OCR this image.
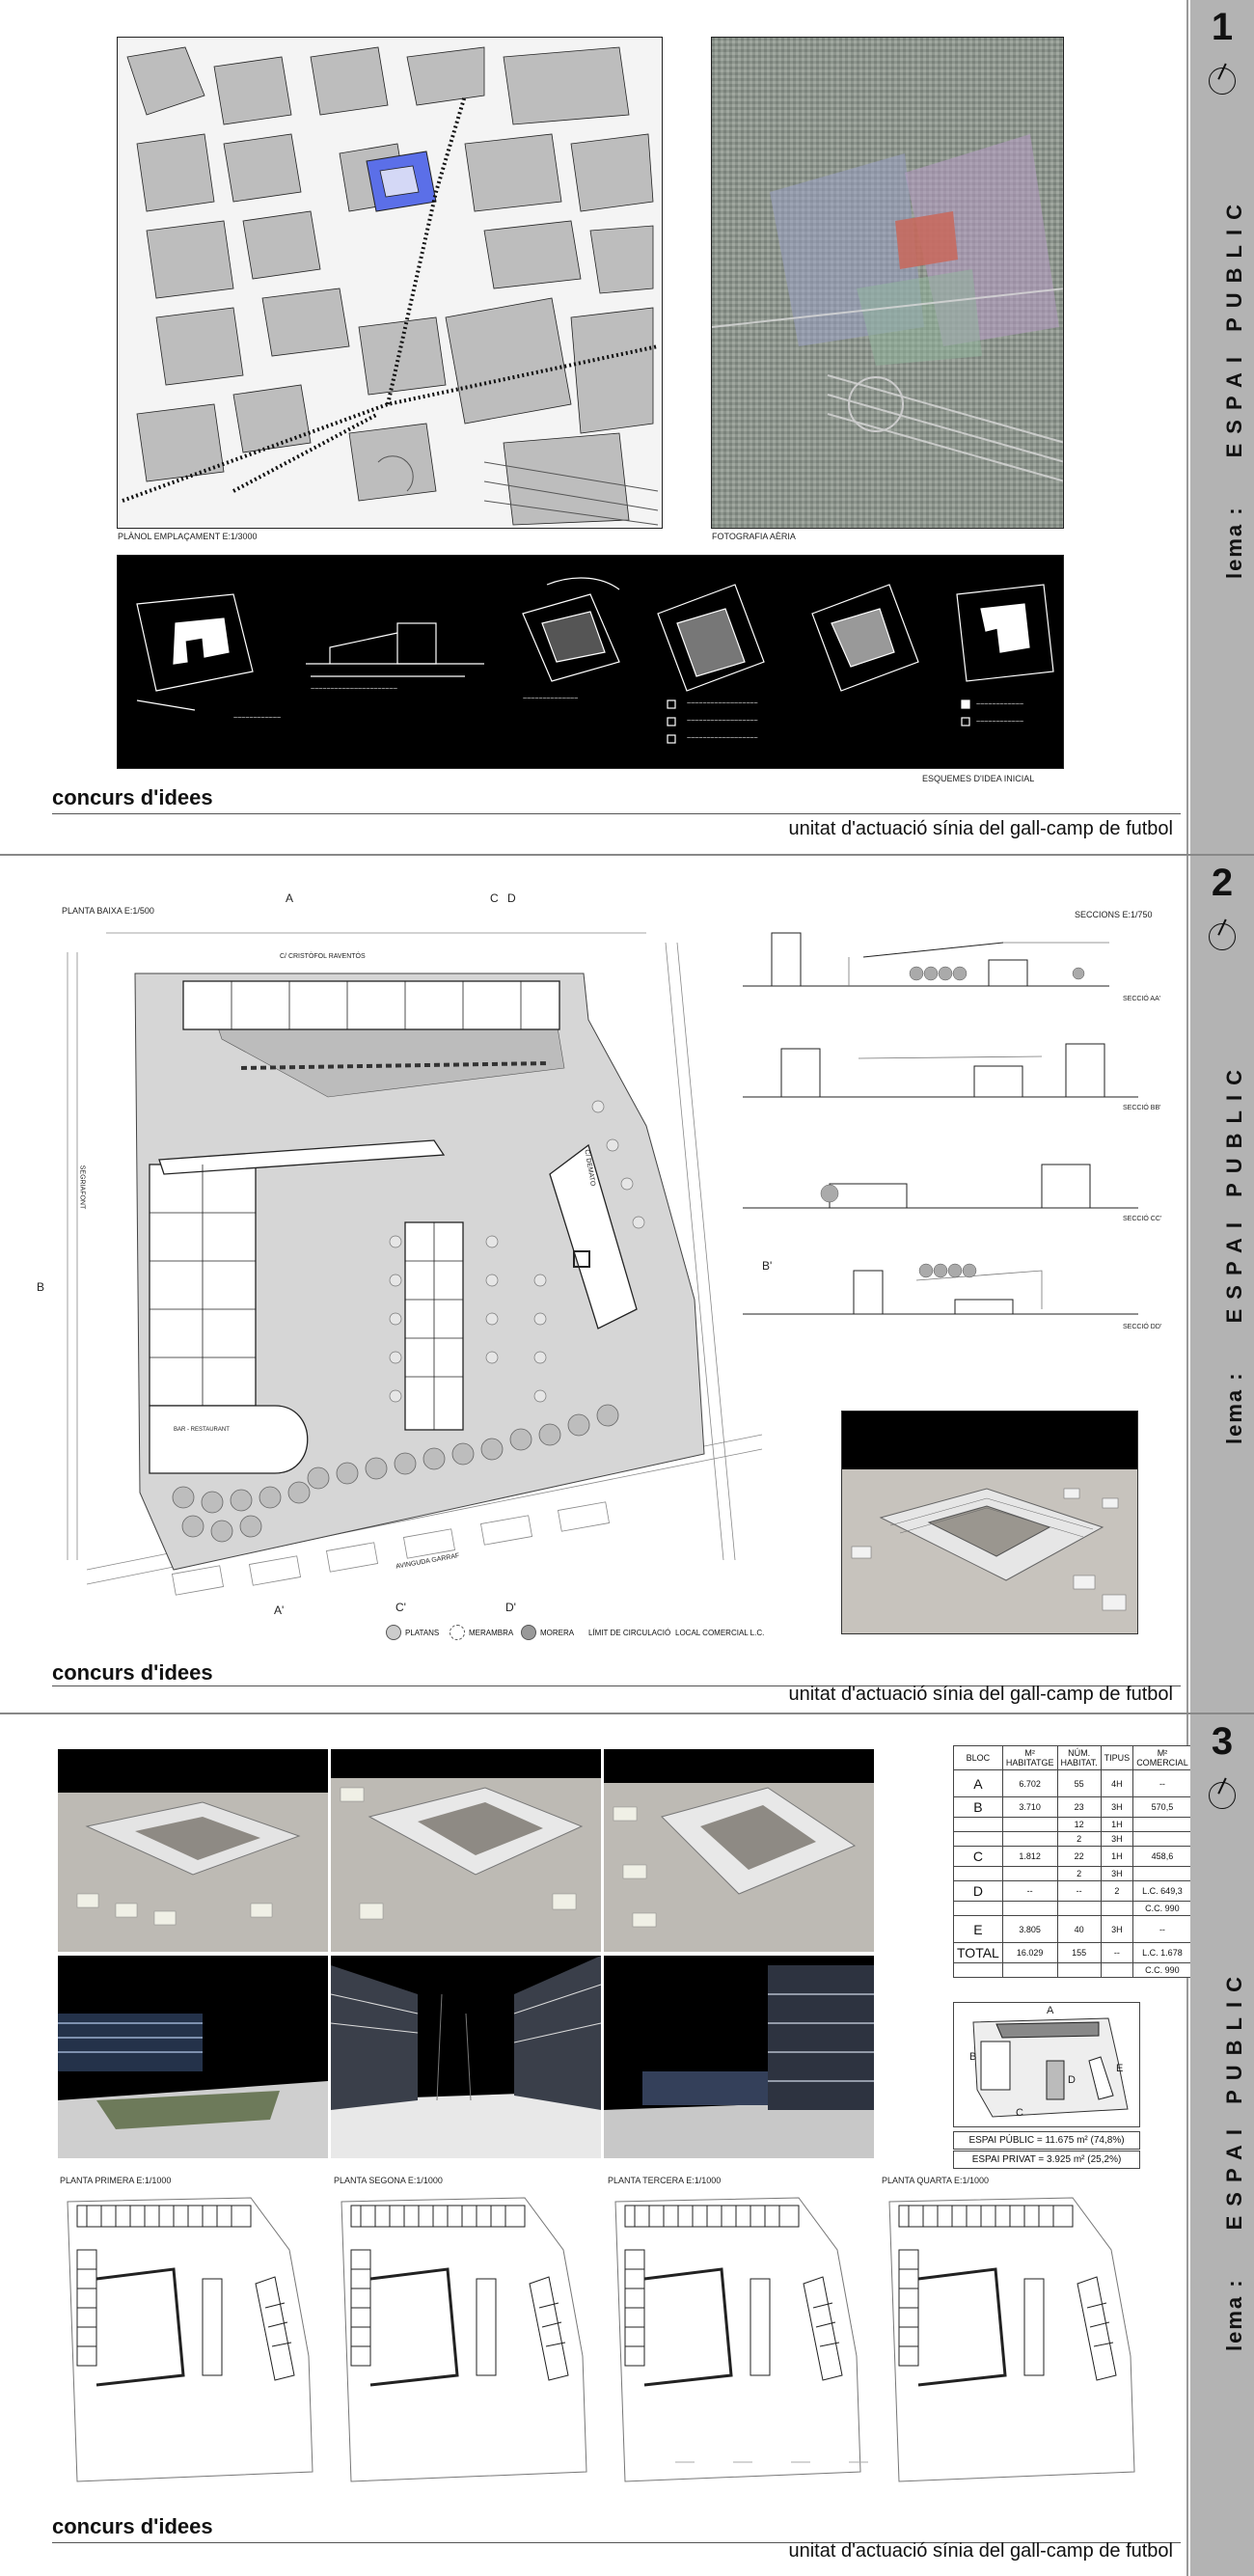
PLÀNOL EMPLAÇAMENT E:1/3000	FOTOGRAFIA AÈRIA
~~~~~~~~~~~~
~~~~~~~~~~~~~~~~~~~~~~
~~~~~~~~~~~~~~
~~~~~~~~~~~~~~~~~~
~~~~~~~~~~~~~~~~~~
~~~~~~~~~~~~~~~~~~
~~~~~~~~~~~~
~~~~~~~~~~~~
ESQUEMES D'IDEA INICIAL
concurs d'idees
unitat d'actuació sínia del gall-camp de futbol
1
lema :ESPAI PUBLIC
PLANTA BAIXA E:1/500	SECCIONS E:1/750
C/ CRISTÒFOL RAVENTÓS
AVINGUDA GARRAF
SEGRIAFONT	C/ DEMATO
BAR - RESTAURANT
A	C D
B
B'
A'	C'	D'
PLATANS	MERAMBRA	MORERA LÍMIT DE CIRCULACIÓ LOCAL COMERCIAL L.C.
SECCIÓ AA'
SECCIÓ BB'
SECCIÓ CC'
SECCIÓ DD'
concurs d'idees
unitat d'actuació sínia del gall-camp de futbol
2
lema :ESPAI PUBLIC
BLOC	M² HABITATGE	NÚM. HABITAT.	TIPUS	M² COMERCIAL
A	6.702	55	4H	--
B	3.710	23	3H	570,5
		12	1H	
		2	3H	
C	1.812	22	1H	458,6
		2	3H	
D	--	--	2	L.C. 649,3
				C.C. 990
E	3.805	40	3H	--
TOTAL	16.029	155	--	L.C. 1.678
				C.C. 990
A
B
C
D
E
ESPAI PÚBLIC = 11.675 m² (74,8%)
ESPAI PRIVAT = 3.925 m² (25,2%)
PLANTA PRIMERA E:1/1000	PLANTA SEGONA E:1/1000	PLANTA TERCERA E:1/1000	PLANTA QUARTA E:1/1000
concurs d'idees
unitat d'actuació sínia del gall-camp de futbol
3
lema :ESPAI PUBLIC
